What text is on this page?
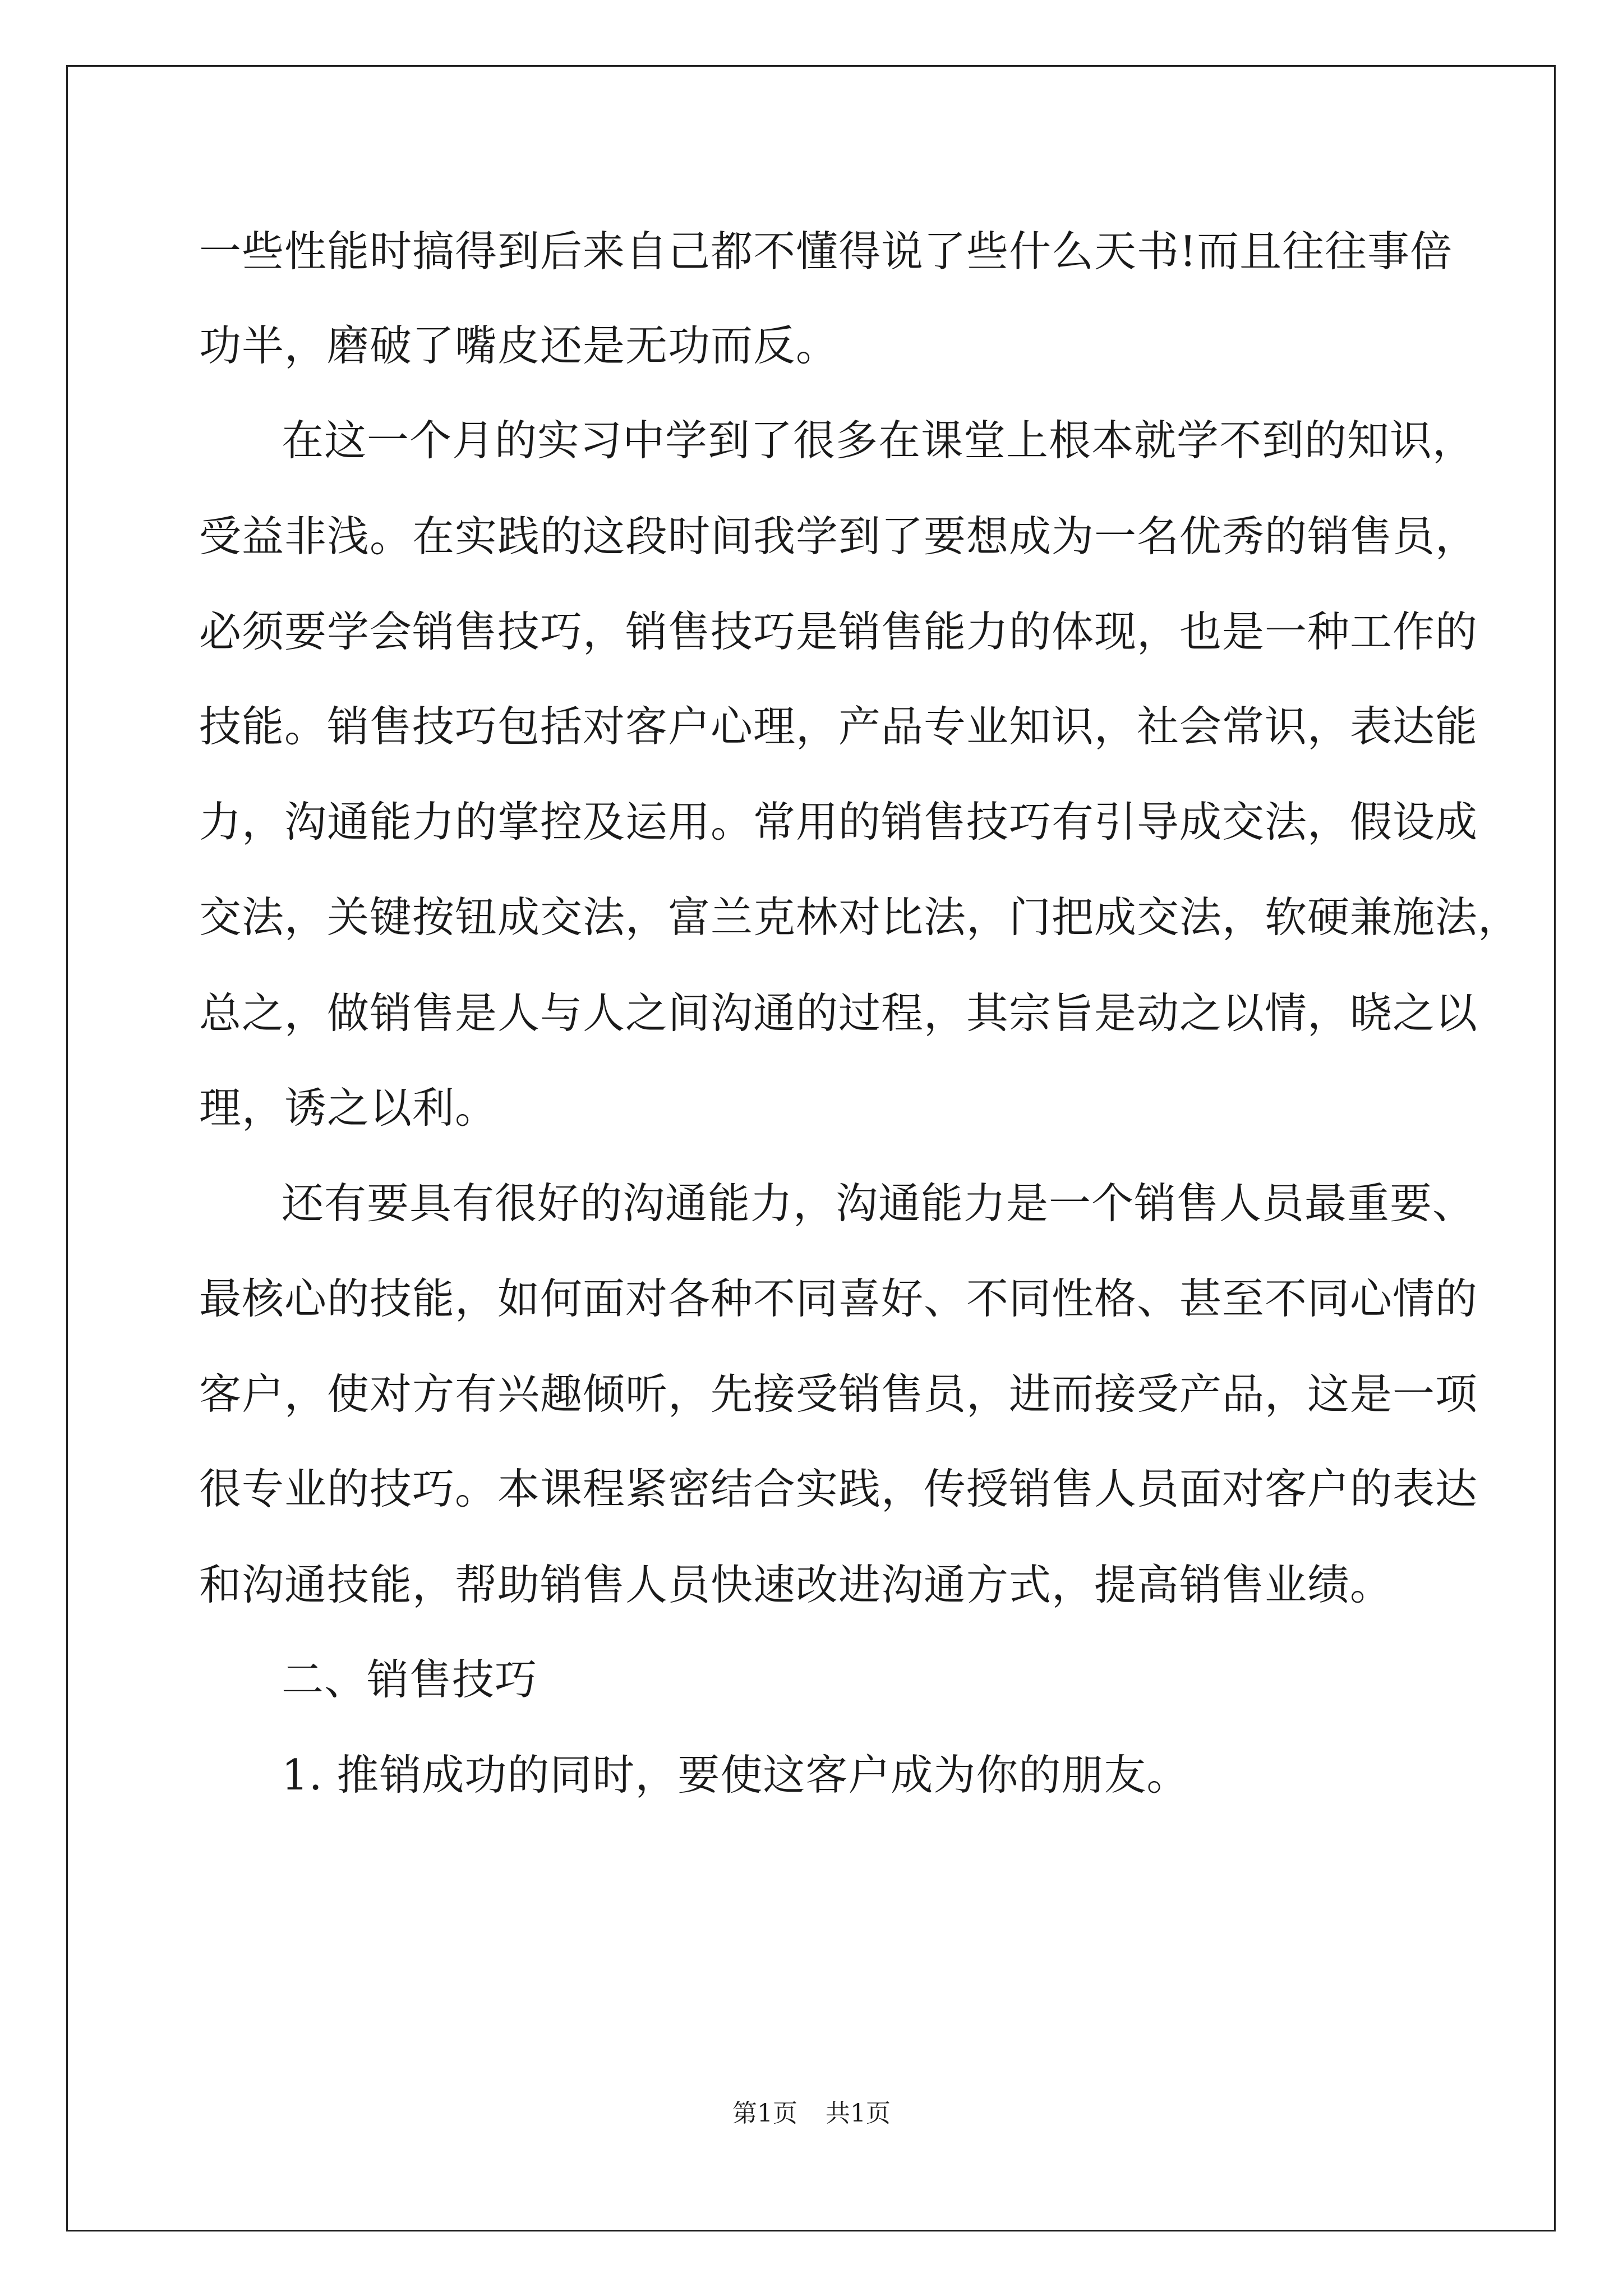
一些性能时搞得到后来自己都不懂得说了些什么天书!而且往往事倍

功半，磨破了嘴皮还是无功而反。

在这一个月的实习中学到了很多在课堂上根本就学不到的知识，

受益非浅。在实践的这段时间我学到了要想成为一名优秀的销售员，

必须要学会销售技巧，销售技巧是销售能力的体现，也是一种工作的

技能。销售技巧包括对客户心理，产品专业知识，社会常识，表达能

力，沟通能力的掌控及运用。常用的销售技巧有引导成交法，假设成

交法，关键按钮成交法，富兰克林对比法，门把成交法，软硬兼施法，

总之，做销售是人与人之间沟通的过程，其宗旨是动之以情，晓之以

理，诱之以利。

还有要具有很好的沟通能力，沟通能力是一个销售人员最重要、

最核心的技能，如何面对各种不同喜好、不同性格、甚至不同心情的

客户，使对方有兴趣倾听，先接受销售员，进而接受产品，这是一项

很专业的技巧。本课程紧密结合实践，传授销售人员面对客户的表达

和沟通技能，帮助销售人员快速改进沟通方式，提高销售业绩。

二、销售技巧

1. 推销成功的同时，要使这客户成为你的朋友。

第1页 共1页
